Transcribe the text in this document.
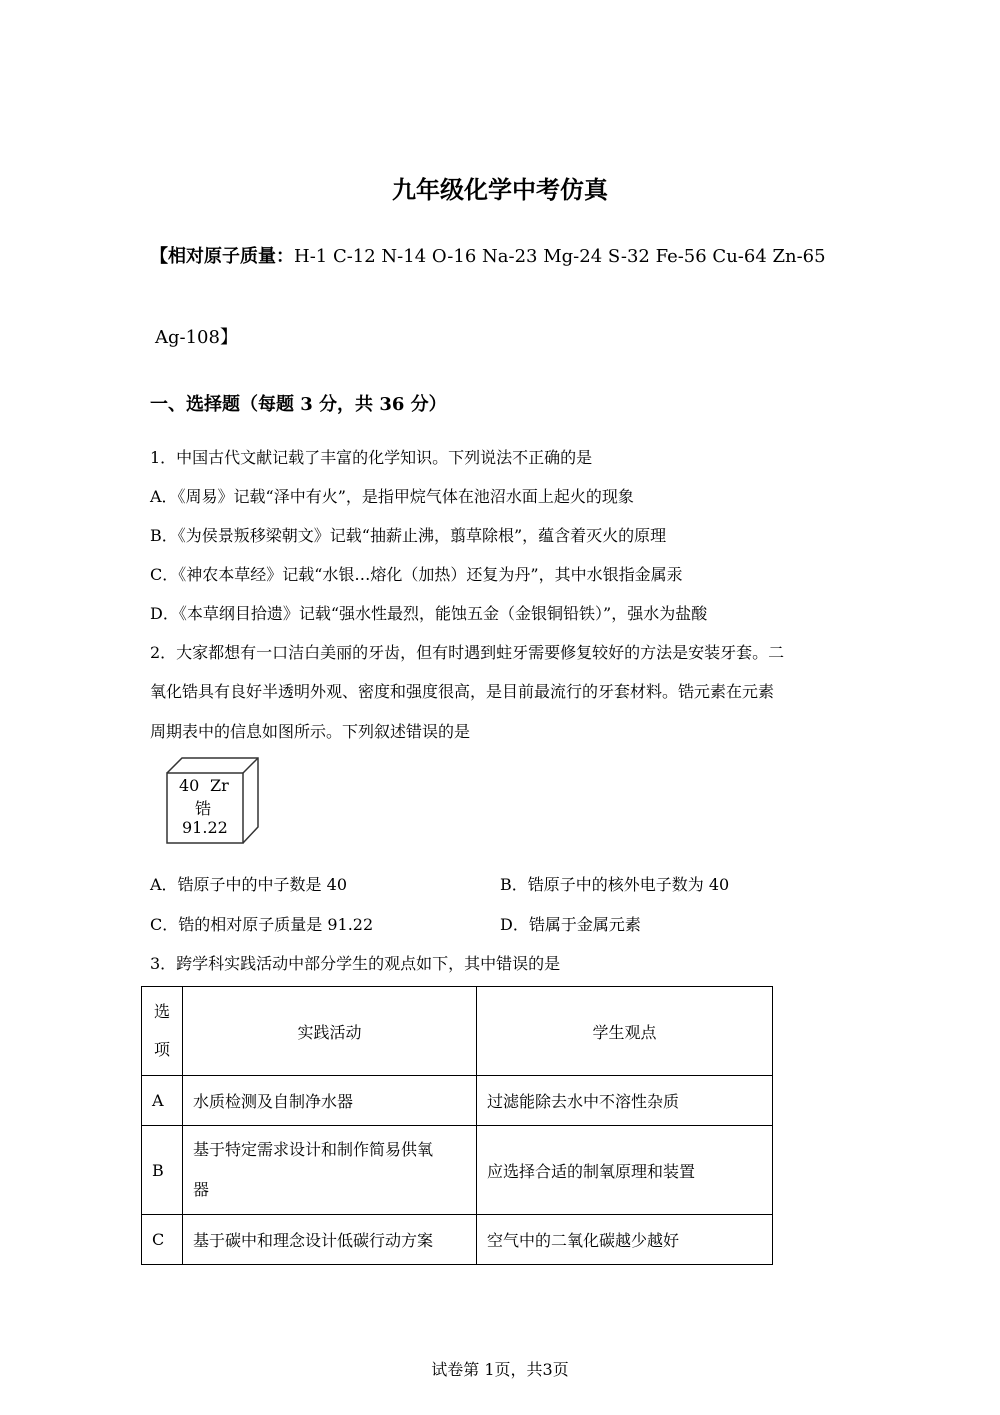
九年级化学中考仿真
【相对原子质量：H-1 C-12 N-14 O-16 Na-23 Mg-24 S-32 Fe-56 Cu-64 Zn-65
Ag-108】
一、选择题（每题 3 分，共 36 分）
1．中国古代文献记载了丰富的化学知识。下列说法不正确的是
A．《周易》记载“泽中有火”，是指甲烷气体在池沼水面上起火的现象
B．《为侯景叛移梁朝文》记载“抽薪止沸，翦草除根”，蕴含着灭火的原理
C．《神农本草经》记载“水银…熔化（加热）还复为丹”，其中水银指金属汞
D．《本草纲目拾遗》记载“强水性最烈，能蚀五金（金银铜铅铁）”，强水为盐酸
2．大家都想有一口洁白美丽的牙齿，但有时遇到蛀牙需要修复较好的方法是安装牙套。二
氧化锆具有良好半透明外观、密度和强度很高，是目前最流行的牙套材料。锆元素在元素
周期表中的信息如图所示。下列叙述错误的是
40 Zr
锆
91.22
A．锆原子中的中子数是 40	B．锆原子中的核外电子数为 40
C．锆的相对原子质量是 91.22	D．锆属于金属元素
3．跨学科实践活动中部分学生的观点如下，其中错误的是
选
项	实践活动	学生观点
A	水质检测及自制净水器	过滤能除去水中不溶性杂质
B	基于特定需求设计和制作简易供氧
器	应选择合适的制氧原理和装置
C	基于碳中和理念设计低碳行动方案	空气中的二氧化碳越少越好
试卷第 1页，共3页
